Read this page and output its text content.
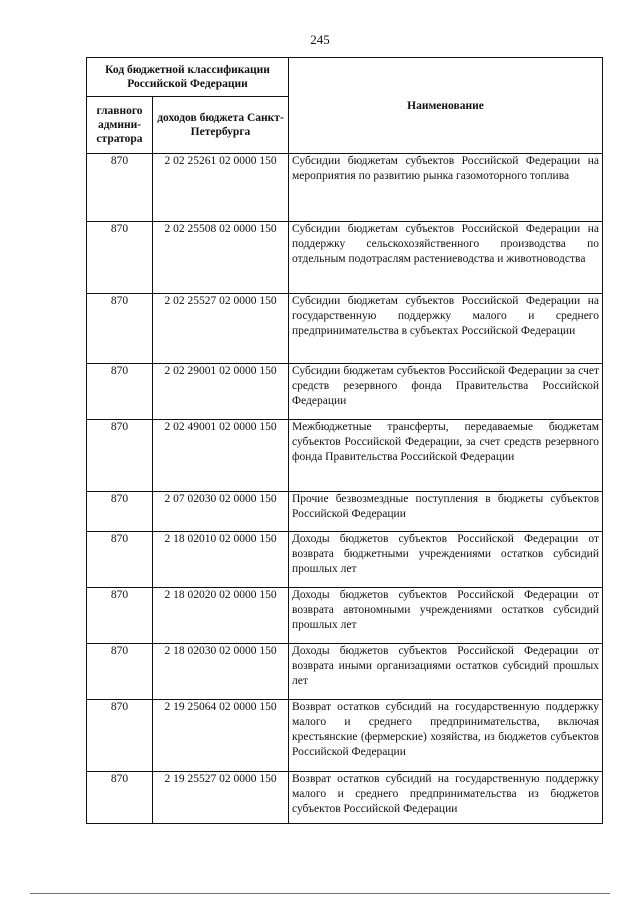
245
Код бюджетной классификации Российской Федерации		Наименование
главного админи-стратора	доходов бюджета Санкт-Петербурга	
870	2 02 25261 02 0000 150	Субсидии бюджетам субъектов Российской Федерации на мероприятия по развитию рынка газомоторного топлива
870	2 02 25508 02 0000 150	Субсидии бюджетам субъектов Российской Федерации на поддержку сельскохозяйственного производства по отдельным подотраслям растениеводства и животноводства
870	2 02 25527 02 0000 150	Субсидии бюджетам субъектов Российской Федерации на государственную поддержку малого и среднего предпринимательства в субъектах Российской Федерации
870	2 02 29001 02 0000 150	Субсидии бюджетам субъектов Российской Федерации за счет средств резервного фонда Правительства Российской Федерации
870	2 02 49001 02 0000 150	Межбюджетные трансферты, передаваемые бюджетам субъектов Российской Федерации, за счет средств резервного фонда Правительства Российской Федерации
870	2 07 02030 02 0000 150	Прочие безвозмездные поступления в бюджеты субъектов Российской Федерации
870	2 18 02010 02 0000 150	Доходы бюджетов субъектов Российской Федерации от возврата бюджетными учреждениями остатков субсидий прошлых лет
870	2 18 02020 02 0000 150	Доходы бюджетов субъектов Российской Федерации от возврата автономными учреждениями остатков субсидий прошлых лет
870	2 18 02030 02 0000 150	Доходы бюджетов субъектов Российской Федерации от возврата иными организациями остатков субсидий прошлых лет
870	2 19 25064 02 0000 150	Возврат остатков субсидий на государственную поддержку малого и среднего предпринимательства, включая крестьянские (фермерские) хозяйства, из бюджетов субъектов Российской Федерации
870	2 19 25527 02 0000 150	Возврат остатков субсидий на государственную поддержку малого и среднего предпринимательства из бюджетов субъектов Российской Федерации
